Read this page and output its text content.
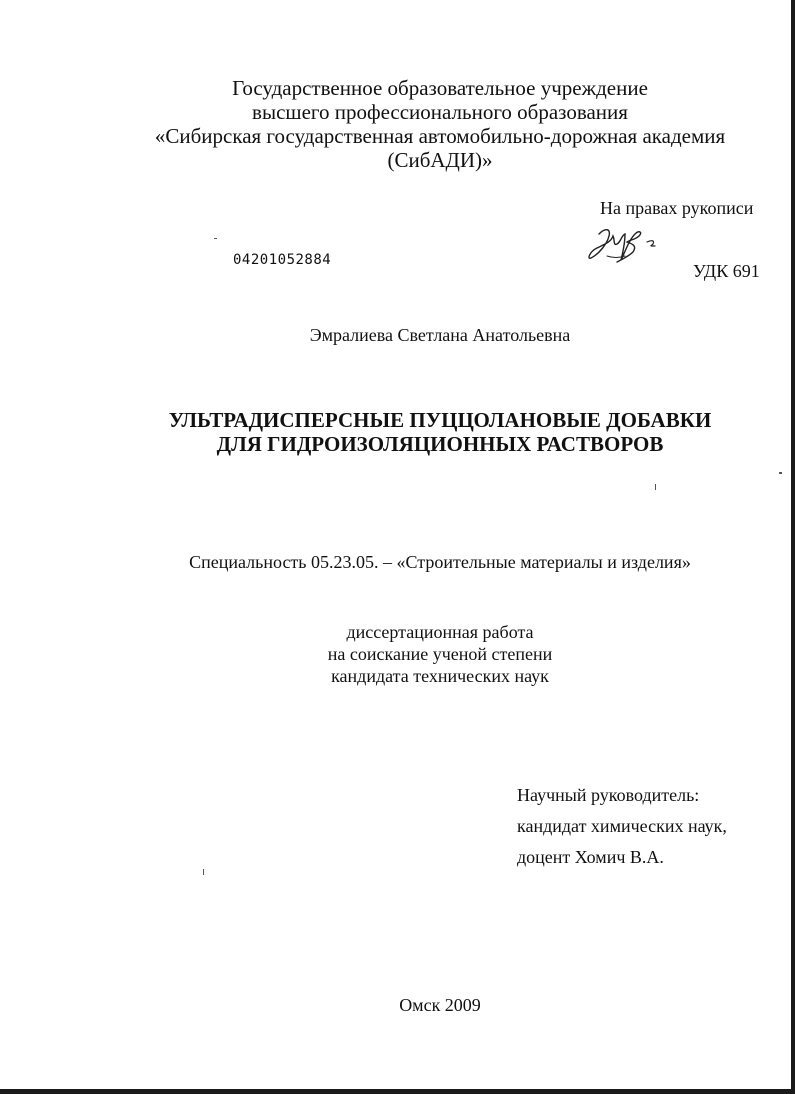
Государственное образовательное учреждение
высшего профессионального образования
«Сибирская государственная автомобильно-дорожная академия
(СибАДИ)»
На правах рукописи
УДК 691
04201052884
Эмралиева Светлана Анатольевна
УЛЬТРАДИСПЕРСНЫЕ ПУЦЦОЛАНОВЫЕ ДОБАВКИ
ДЛЯ ГИДРОИЗОЛЯЦИОННЫХ РАСТВОРОВ
Специальность 05.23.05. – «Строительные материалы и изделия»
диссертационная работа
на соискание ученой степени
кандидата технических наук
Научный руководитель:
кандидат химических наук,
доцент Хомич В.А.
Омск 2009
